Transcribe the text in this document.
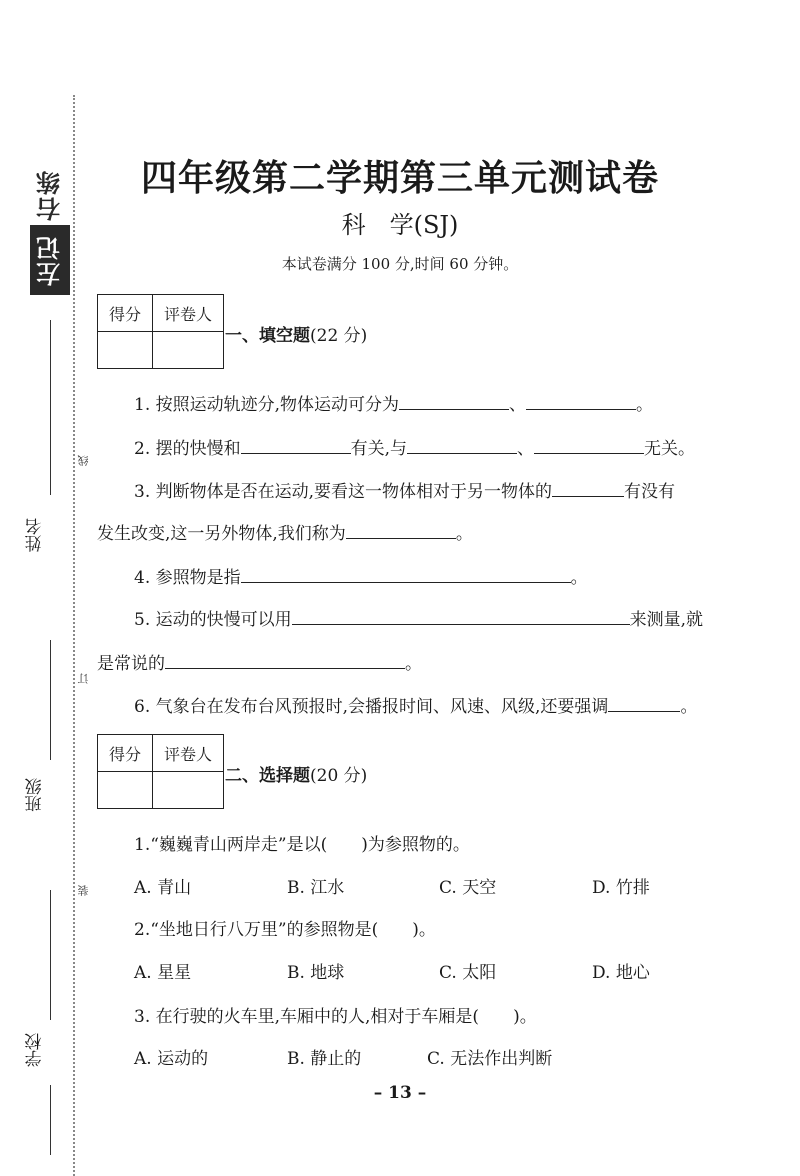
右练
左记
姓名
班级
学校
线
订
装
四年级第二学期第三单元测试卷
科　学(SJ)
本试卷满分 100 分,时间 60 分钟。
得分	评卷人

一、填空题(22 分)
1. 按照运动轨迹分,物体运动可分为	、	。
2. 摆的快慢和	有关,与	、	无关。
3. 判断物体是否在运动,要看这一物体相对于另一物体的	有没有
发生改变,这一另外物体,我们称为	。
4. 参照物是指	。
5. 运动的快慢可以用	来测量,就
是常说的	。
6. 气象台在发布台风预报时,会播报时间、风速、风级,还要强调	。
得分	评卷人

二、选择题(20 分)
1.“巍巍青山两岸走”是以(　　)为参照物的。
A. 青山	B. 江水	C. 天空	D. 竹排
2.“坐地日行八万里”的参照物是(　　)。
A. 星星	B. 地球	C. 太阳	D. 地心
3. 在行驶的火车里,车厢中的人,相对于车厢是(　　)。
A. 运动的	B. 静止的	C. 无法作出判断
– 13 –
